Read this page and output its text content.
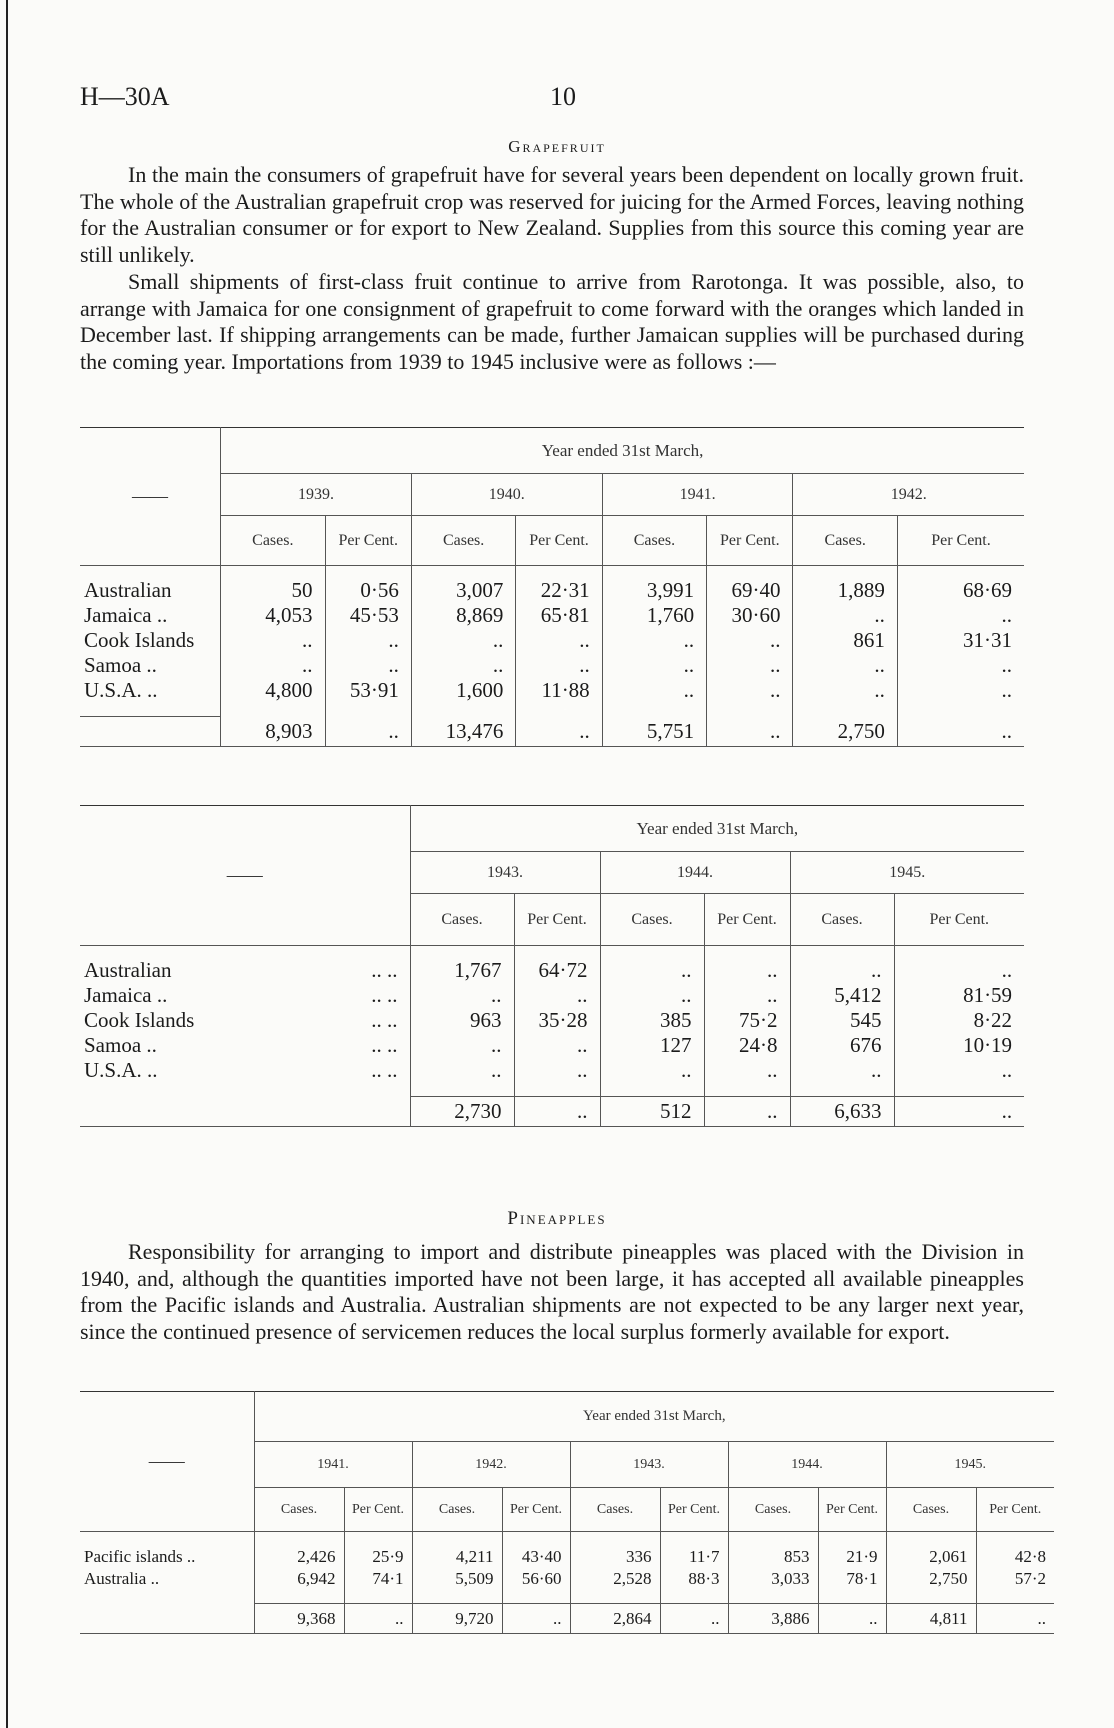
H—30A	10
Grapefruit

In the main the consumers of grapefruit have for several years been dependent on locally grown fruit. The whole of the Australian grapefruit crop was reserved for juicing for the Armed Forces, leaving nothing for the Australian consumer or for export to New Zealand. Supplies from this source this coming year are still unlikely.

Small shipments of first-class fruit continue to arrive from Rarotonga. It was possible, also, to arrange with Jamaica for one consignment of grapefruit to come forward with the oranges which landed in December last. If shipping arrangements can be made, further Jamaican supplies will be purchased during the coming year. Importations from 1939 to 1945 inclusive were as follows :—

——	Year ended 31st March,							
	1939.		1940.		1941.		1942.	
	Cases.	Per Cent.	Cases.	Per Cent.	Cases.	Per Cent.	Cases.	Per Cent.

Australian	50	0·56	3,007	22·31	3,991	69·40	1,889	68·69
Jamaica ..	4,053	45·53	8,869	65·81	1,760	30·60	..	..
Cook Islands	..	..	..	..	..	..	861	31·31
Samoa ..	..	..	..	..	..	..	..	..
U.S.A. ..	4,800	53·91	1,600	11·88	..	..	..	..

	8,903	..	13,476	..	5,751	..	2,750	..
——		Year ended 31st March,					
		1943.		1944.		1945.	
		Cases.	Per Cent.	Cases.	Per Cent.	Cases.	Per Cent.

Australian	.. ..	1,767	64·72	..	..	..	..
Jamaica ..	.. ..	..	..	..	..	5,412	81·59
Cook Islands	.. ..	963	35·28	385	75·2	545	8·22
Samoa ..	.. ..	..	..	127	24·8	676	10·19
U.S.A. ..	.. ..	..	..	..	..	..	..

		2,730	..	512	..	6,633	..
Pineapples

Responsibility for arranging to import and distribute pineapples was placed with the Division in 1940, and, although the quantities imported have not been large, it has accepted all available pineapples from the Pacific islands and Australia. Australian shipments are not expected to be any larger next year, since the continued presence of servicemen reduces the local surplus formerly available for export.

——	Year ended 31st March,									
	1941.		1942.		1943.		1944.		1945.	
	Cases.	Per Cent.	Cases.	Per Cent.	Cases.	Per Cent.	Cases.	Per Cent.	Cases.	Per Cent.

Pacific islands ..	2,426	25·9	4,211	43·40	336	11·7	853	21·9	2,061	42·8
Australia ..	6,942	74·1	5,509	56·60	2,528	88·3	3,033	78·1	2,750	57·2

	9,368	..	9,720	..	2,864	..	3,886	..	4,811	..
